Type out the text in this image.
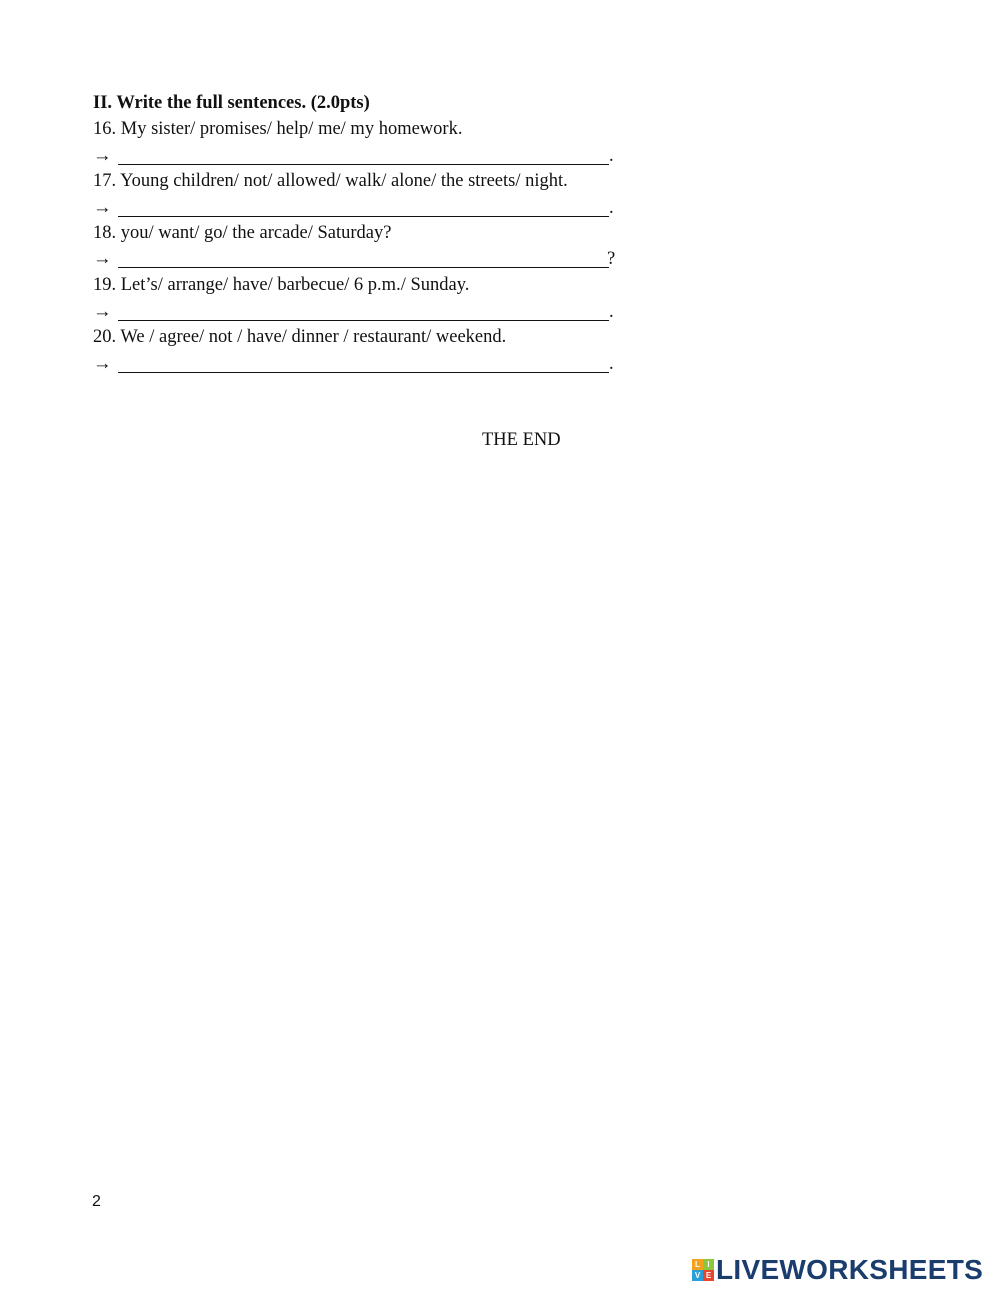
II. Write the full sentences. (2.0pts)
16. My sister/ promises/ help/ me/ my homework.
→	.
17. Young children/ not/ allowed/ walk/ alone/ the streets/ night.
→	.
18. you/ want/ go/ the arcade/ Saturday?
→	?
19. Let’s/ arrange/ have/ barbecue/ 6 p.m./ Sunday.
→	.
20. We / agree/ not / have/ dinner / restaurant/ weekend.
→	.
THE END
2
L I
V E LIVEWORKSHEETS
